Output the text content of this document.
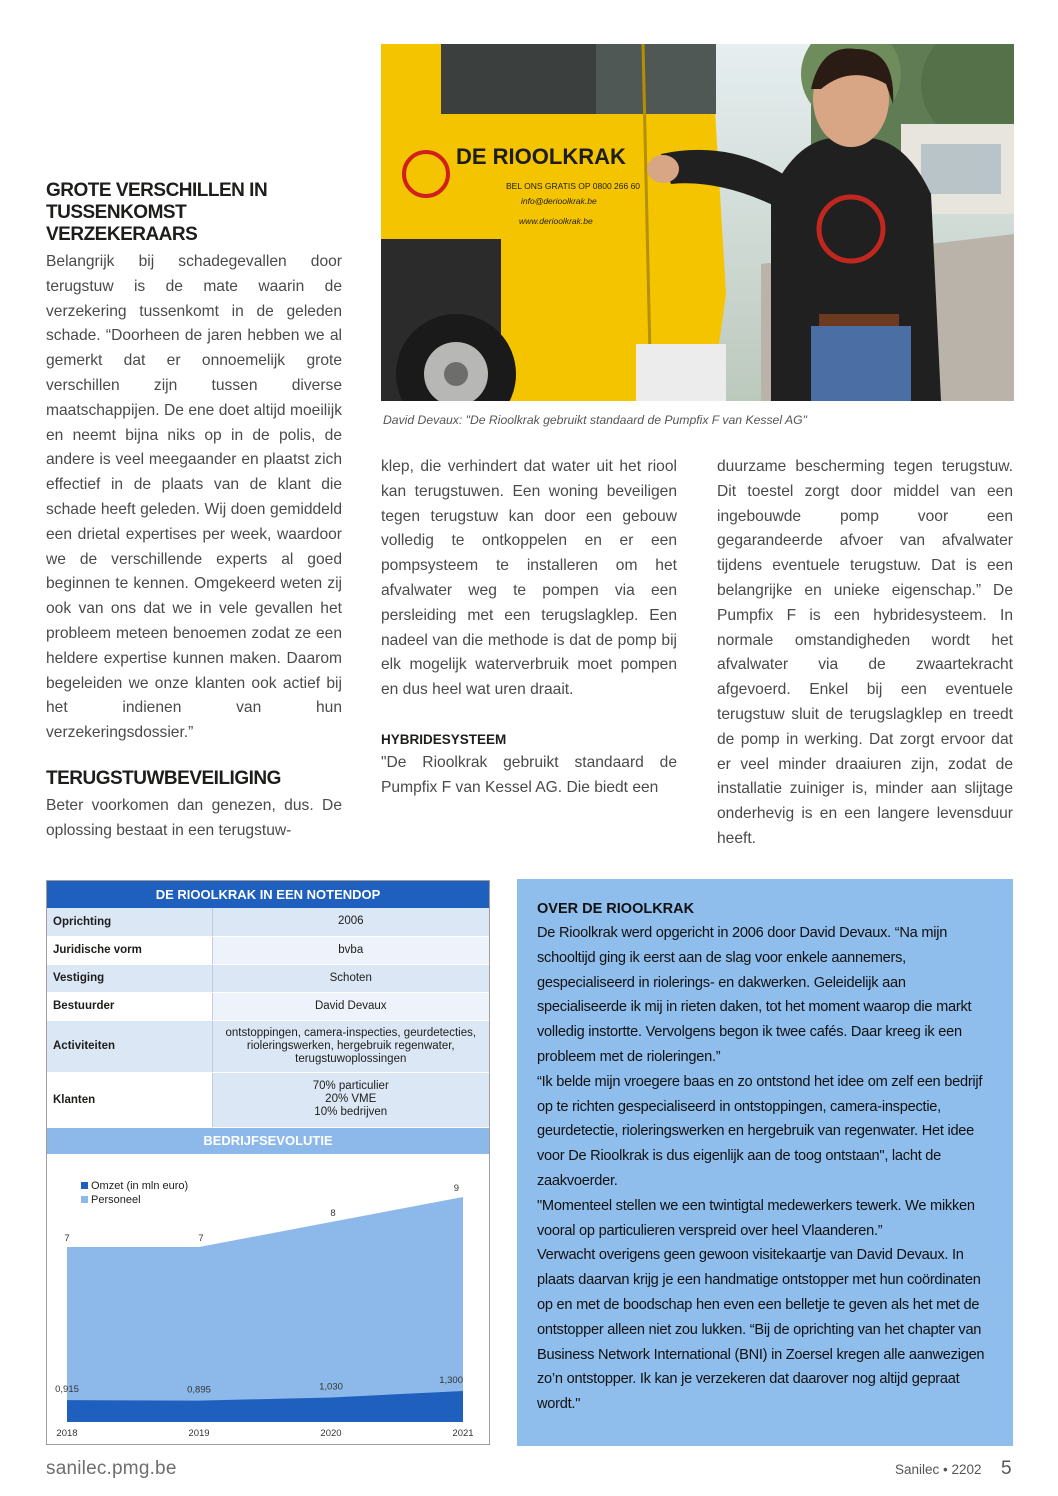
GROTE VERSCHILLEN IN
TUSSENKOMST VERZEKERAARS

Belangrijk bij schadegevallen door terugstuw is de mate waarin de verzekering tussenkomt in de geleden schade. “Doorheen de jaren hebben we al gemerkt dat er onnoemelijk grote verschillen zijn tussen diverse maatschappijen. De ene doet altijd moeilijk en neemt bijna niks op in de polis, de andere is veel meegaander en plaatst zich effectief in de plaats van de klant die schade heeft geleden. Wij doen gemiddeld een drietal expertises per week, waardoor we de verschillende experts al goed beginnen te kennen. Omgekeerd weten zij ook van ons dat we in vele gevallen het probleem meteen benoemen zodat ze een heldere expertise kunnen maken. Daarom begeleiden we onze klanten ook actief bij het indienen van hun verzekeringsdossier.”

TERUGSTUWBEVEILIGING

Beter voorkomen dan genezen, dus. De oplossing bestaat in een terugstuw-

DE RIOOLKRAK
BEL ONS GRATIS OP 0800 266 60
info@derioolkrak.be
www.derioolkrak.be
David Devaux: "De Rioolkrak gebruikt standaard de Pumpfix F van Kessel AG"

klep, die verhindert dat water uit het riool kan terugstuwen. Een woning beveiligen tegen terugstuw kan door een gebouw volledig te ontkoppelen en er een pompsysteem te installeren om het afvalwater weg te pompen via een persleiding met een terugslagklep. Een nadeel van die methode is dat de pomp bij elk mogelijk waterverbruik moet pompen en dus heel wat uren draait.

HYBRIDESYSTEEM

"De Rioolkrak gebruikt standaard de Pumpfix F van Kessel AG. Die biedt een

duurzame bescherming tegen terugstuw. Dit toestel zorgt door middel van een ingebouwde pomp voor een gegarandeerde afvoer van afvalwater tijdens eventuele terugstuw. Dat is een belangrijke en unieke eigenschap.” De Pumpfix F is een hybridesysteem. In normale omstandigheden wordt het afvalwater via de zwaartekracht afgevoerd. Enkel bij een eventuele terugstuw sluit de terugslagklep en treedt de pomp in werking. Dat zorgt ervoor dat er veel minder draaiuren zijn, zodat de installatie zuiniger is, minder aan slijtage onderhevig is en een langere levensduur heeft.

DE RIOOLKRAK IN EEN NOTENDOP
Oprichting	2006
Juridische vorm	bvba
Vestiging	Schoten
Bestuurder	David Devaux
Activiteiten	ontstoppingen, camera-inspecties, geurdetecties,
rioleringswerken, hergebruik regenwater,
terugstuwoplossingen

Klanten	70% particulier
20% VME
10% bedrijven
BEDRIJFSEVOLUTIE
7	7
8
9
0,915	0,895	1,030
1,300
2018	2019	2020	2021
Omzet (in mln euro)
Personeel
OVER DE RIOOLKRAK

De Rioolkrak werd opgericht in 2006 door David Devaux. “Na mijn schooltijd ging ik eerst aan de slag voor enkele aannemers, gespecialiseerd in riolerings- en dakwerken. Geleidelijk aan specialiseerde ik mij in rieten daken, tot het moment waarop die markt volledig instortte. Vervolgens begon ik twee cafés. Daar kreeg ik een probleem met de rioleringen.”

“Ik belde mijn vroegere baas en zo ontstond het idee om zelf een bedrijf op te richten gespecialiseerd in ontstoppingen, camera-inspectie, geurdetectie, rioleringswerken en hergebruik van regenwater. Het idee voor De Rioolkrak is dus eigenlijk aan de toog ontstaan", lacht de zaakvoerder.

"Momenteel stellen we een twintigtal medewerkers tewerk. We mikken vooral op particulieren verspreid over heel Vlaanderen.”

Verwacht overigens geen gewoon visitekaartje van David Devaux. In plaats daarvan krijg je een handmatige ontstopper met hun coördinaten op en met de boodschap hen even een belletje te geven als het met de ontstopper alleen niet zou lukken. “Bij de oprichting van het chapter van Business Network International (BNI) in Zoersel kregen alle aanwezigen zo’n ontstopper. Ik kan je verzekeren dat daarover nog altijd gepraat wordt."

sanilec.pmg.be	Sanilec • 2202 5
